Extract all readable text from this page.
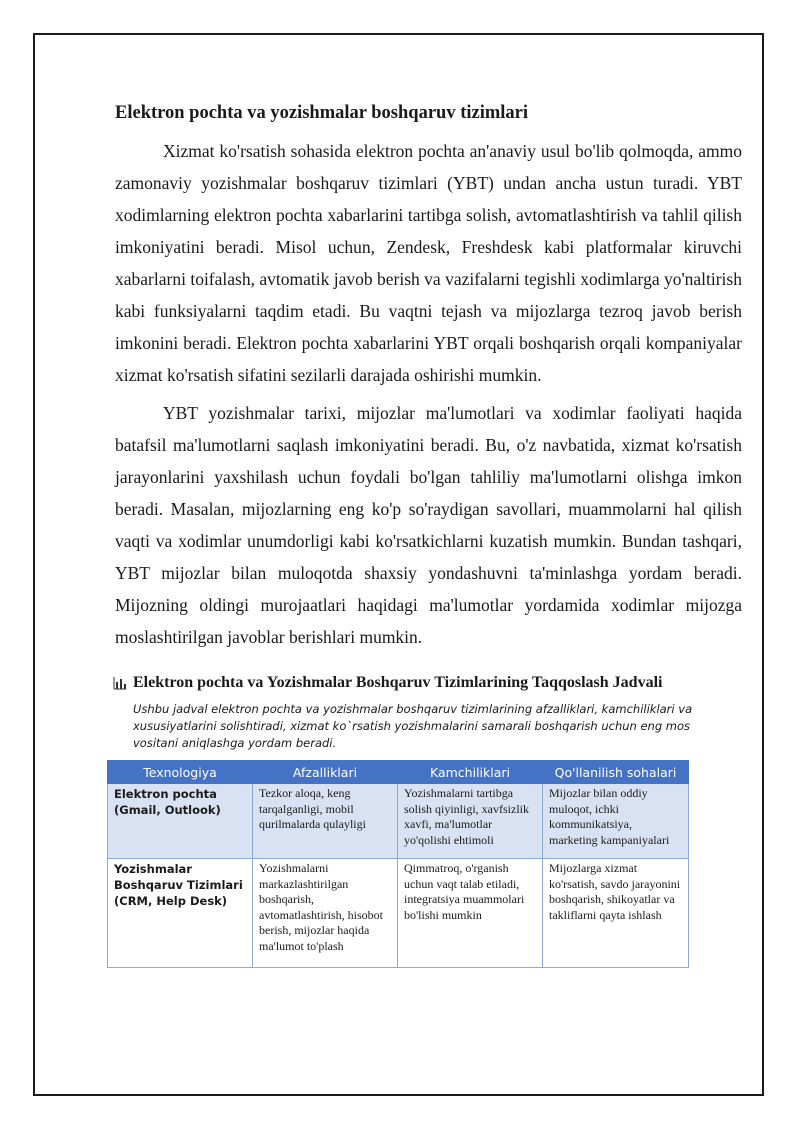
Elektron pochta va yozishmalar boshqaruv tizimlari

Xizmat ko'rsatish sohasida elektron pochta an'anaviy usul bo'lib qolmoqda, ammo zamonaviy yozishmalar boshqaruv tizimlari (YBT) undan ancha ustun turadi. YBT xodimlarning elektron pochta xabarlarini tartibga solish, avtomatlashtirish va tahlil qilish imkoniyatini beradi. Misol uchun, Zendesk, Freshdesk kabi platformalar kiruvchi xabarlarni toifalash, avtomatik javob berish va vazifalarni tegishli xodimlarga yo'naltirish kabi funksiyalarni taqdim etadi. Bu vaqtni tejash va mijozlarga tezroq javob berish imkonini beradi. Elektron pochta xabarlarini YBT orqali boshqarish orqali kompaniyalar xizmat ko'rsatish sifatini sezilarli darajada oshirishi mumkin.

YBT yozishmalar tarixi, mijozlar ma'lumotlari va xodimlar faoliyati haqida batafsil ma'lumotlarni saqlash imkoniyatini beradi. Bu, o'z navbatida, xizmat ko'rsatish jarayonlarini yaxshilash uchun foydali bo'lgan tahliliy ma'lumotlarni olishga imkon beradi. Masalan, mijozlarning eng ko'p so'raydigan savollari, muammolarni hal qilish vaqti va xodimlar unumdorligi kabi ko'rsatkichlarni kuzatish mumkin. Bundan tashqari, YBT mijozlar bilan muloqotda shaxsiy yondashuvni ta'minlashga yordam beradi. Mijozning oldingi murojaatlari haqidagi ma'lumotlar yordamida xodimlar mijozga moslashtirilgan javoblar berishlari mumkin.

Elektron pochta va Yozishmalar Boshqaruv Tizimlarining Taqqoslash Jadvali
Ushbu jadval elektron pochta va yozishmalar boshqaruv tizimlarining afzalliklari, kamchiliklari va xususiyatlarini solishtiradi, xizmat ko`rsatish yozishmalarini samarali boshqarish uchun eng mos vositani aniqlashga yordam beradi.
Texnologiya	Afzalliklari	Kamchiliklari	Qo'llanilish sohalari
Elektron pochta (Gmail, Outlook)	Tezkor aloqa, keng tarqalganligi, mobil qurilmalarda qulayligi	Yozishmalarni tartibga solish qiyinligi, xavfsizlik xavfi, ma'lumotlar yo'qolishi ehtimoli	Mijozlar bilan oddiy muloqot, ichki kommunikatsiya, marketing kampaniyalari
Yozishmalar Boshqaruv Tizimlari (CRM, Help Desk)	Yozishmalarni markazlashtirilgan boshqarish, avtomatlashtirish, hisobot berish, mijozlar haqida ma'lumot to'plash	Qimmatroq, o'rganish uchun vaqt talab etiladi, integratsiya muammolari bo'lishi mumkin	Mijozlarga xizmat ko'rsatish, savdo jarayonini boshqarish, shikoyatlar va takliflarni qayta ishlash
